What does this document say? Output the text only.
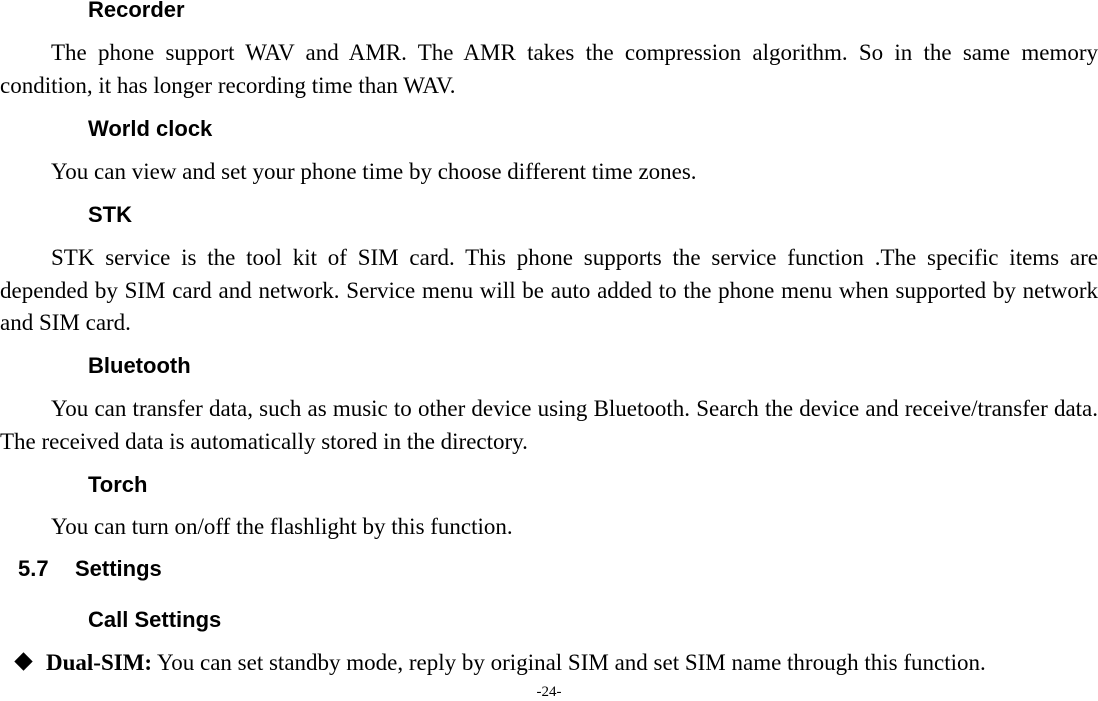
Recorder

The phone support WAV and AMR. The AMR takes the compression algorithm. So in the same memory condition, it has longer recording time than WAV.

World clock

You can view and set your phone time by choose different time zones.

STK

STK service is the tool kit of SIM card. This phone supports the service function .The specific items are depended by SIM card and network. Service menu will be auto added to the phone menu when supported by network and SIM card.

Bluetooth

You can transfer data, such as music to other device using Bluetooth. Search the device and receive/transfer data. The received data is automatically stored in the directory.

Torch

You can turn on/off the flashlight by this function.

5.7 Settings
Call Settings
Dual-SIM: You can set standby mode, reply by original SIM and set SIM name through this function.
-24-
